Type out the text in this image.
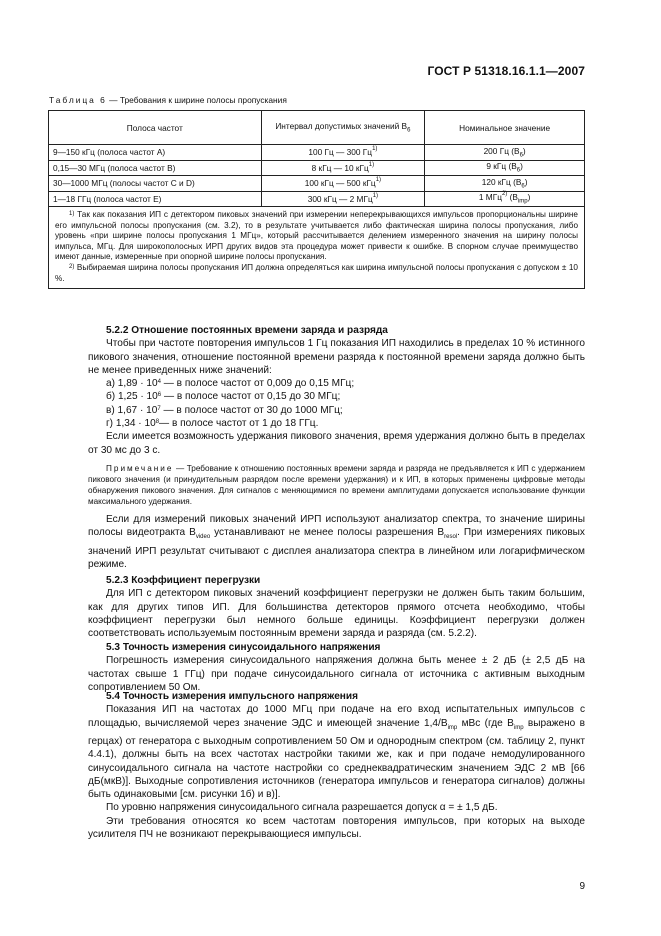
ГОСТ Р 51318.16.1.1—2007
Таблица 6 — Требования к ширине полосы пропускания
Полоса частот	Интервал допустимых значений $B_6$	Номинальное значение
9—150 кГц (полоса частот A)	100 Гц — 300 $Гц^{1)}$	200 Гц $(B_6)$
0,15—30 МГц (полоса частот B)	8 кГц — 10 кГц$^{1)}$	9 кГц $(B_6)$
30—1000 МГц (полосы частот C и D)	100 кГц — 500 кГц$^{1)}$	120 кГц $(B_6)$
1—18 ГГц (полоса частот E)	300 кГц — 2 МГц$^{1)}$	1 МГц$^{2)}$ $(B_{imp})$

$^{1)}$ Так как показания ИП с детектором пиковых значений при измерении неперекрывающихся импульсов пропорциональны ширине его импульсной полосы пропускания (см. 3.2), то в результате учитывается либо фактическая ширина полосы пропускания, либо уровень «при ширине полосы пропускания 1 МГц», который рассчитывается делением измеренного значения на ширину полосы импульса, МГц. Для широкополосных ИРП других видов эта процедура может привести к ошибке. В спорном случае преимущество имеют данные, измеренные при опорной ширине полосы пропускания.
$^{2)}$ Выбираемая ширина полосы пропускания ИП должна определяться как ширина импульсной полосы пропускания с допуском ± 10 %.		

5.2.2 Отношение постоянных времени заряда и разряда

Чтобы при частоте повторения импульсов 1 Гц показания ИП находились в пределах 10 % истинного пикового значения, отношение постоянной времени разряда к постоянной времени заряда должно быть не менее приведенных ниже значений:

а) $1,89 \cdot 10^4$ — в полосе частот от 0,009 до 0,15 МГц;

б) $1,25 \cdot 10^6$ — в полосе частот от 0,15 до 30 МГц;

в) $1,67 \cdot 10^7$ — в полосе частот от 30 до 1000 МГц;

г) $1,34 \cdot 10^8—$ в полосе частот от 1 до 18 ГГц.

Если имеется возможность удержания пикового значения, время удержания должно быть в пределах от 30 мс до 3 с.

Примечание — Требование к отношению постоянных времени заряда и разряда не предъявляется к ИП с удержанием пикового значения (и принудительным разрядом после времени удержания) и к ИП, в которых применены цифровые методы обнаружения пикового значения. Для сигналов с меняющимися по времени амплитудами допускается использование функции максимального удержания.

Если для измерений пиковых значений ИРП используют анализатор спектра, то значение ширины полосы видеотракта $B_{video}$ устанавливают не менее полосы разрешения $B_{resol}$. При измерениях пиковых значений ИРП результат считывают с дисплея анализатора спектра в линейном или логарифмическом режиме.

5.2.3 Коэффициент перегрузки

Для ИП с детектором пиковых значений коэффициент перегрузки не должен быть таким большим, как для других типов ИП. Для большинства детекторов прямого отсчета необходимо, чтобы коэффициент перегрузки был немного больше единицы. Коэффициент перегрузки должен соответствовать используемым постоянным времени заряда и разряда (см. 5.2.2).

5.3 Точность измерения синусоидального напряжения

Погрешность измерения синусоидального напряжения должна быть менее ± 2 дБ (± 2,5 дБ на частотах свыше 1 ГГц) при подаче синусоидального сигнала от источника с активным выходным сопротивлением 50 Ом.

5.4 Точность измерения импульсного напряжения

Показания ИП на частотах до 1000 МГц при подаче на его вход испытательных импульсов с площадью, вычисляемой через значение ЭДС и имеющей значение $1,4/B_{imp}$ мВс (где $B_{imp}$ выражено в герцах) от генератора с выходным сопротивлением 50 Ом и однородным спектром (см. таблицу 2, пункт 4.4.1), должны быть на всех частотах настройки такими же, как и при подаче немодулированного синусоидального сигнала на частоте настройки со среднеквадратическим значением ЭДС 2 мВ [66 дБ(мкВ)]. Выходные сопротивления источников (генератора импульсов и генератора сигналов) должны быть одинаковыми [см. рисунки 1б) и в)].

По уровню напряжения синусоидального сигнала разрешается допуск α = ± 1,5 дБ.

Эти требования относятся ко всем частотам повторения импульсов, при которых на выходе усилителя ПЧ не возникают перекрывающиеся импульсы.

9
